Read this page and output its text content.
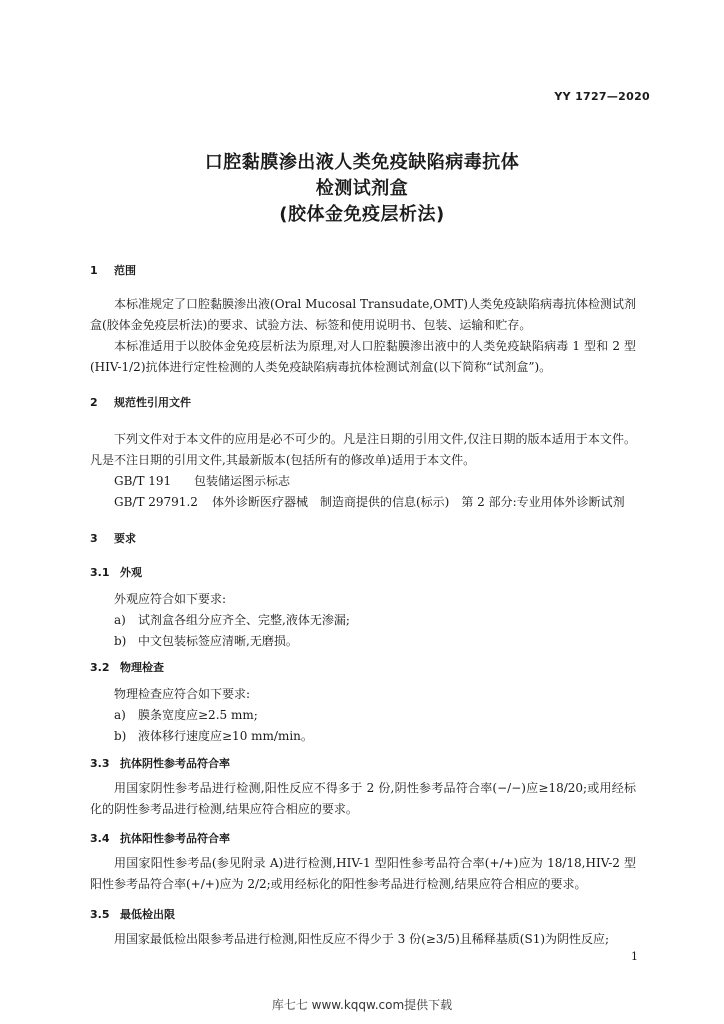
YY 1727—2020
口腔黏膜渗出液人类免疫缺陷病毒抗体
检测试剂盒
(胶体金免疫层析法)
1 范围
本标准规定了口腔黏膜渗出液(Oral Mucosal Transudate,OMT)人类免疫缺陷病毒抗体检测试剂盒(胶体金免疫层析法)的要求、试验方法、标签和使用说明书、包装、运输和贮存。
本标准适用于以胶体金免疫层析法为原理,对人口腔黏膜渗出液中的人类免疫缺陷病毒 1 型和 2 型(HIV-1/2)抗体进行定性检测的人类免疫缺陷病毒抗体检测试剂盒(以下简称“试剂盒”)。
2 规范性引用文件
下列文件对于本文件的应用是必不可少的。凡是注日期的引用文件,仅注日期的版本适用于本文件。凡是不注日期的引用文件,其最新版本(包括所有的修改单)适用于本文件。
GB/T 191 包装储运图示标志
GB/T 29791.2 体外诊断医疗器械　制造商提供的信息(标示)　第 2 部分:专业用体外诊断试剂
3 要求
3.1 外观
外观应符合如下要求:
a) 试剂盒各组分应齐全、完整,液体无渗漏;
b) 中文包装标签应清晰,无磨损。
3.2 物理检查
物理检查应符合如下要求:
a) 膜条宽度应≥2.5 mm;
b) 液体移行速度应≥10 mm/min。
3.3 抗体阴性参考品符合率
用国家阴性参考品进行检测,阳性反应不得多于 2 份,阴性参考品符合率(−/−)应≥18/20;或用经标化的阴性参考品进行检测,结果应符合相应的要求。
3.4 抗体阳性参考品符合率
用国家阳性参考品(参见附录 A)进行检测,HIV-1 型阳性参考品符合率(+/+)应为 18/18,HIV-2 型阳性参考品符合率(+/+)应为 2/2;或用经标化的阳性参考品进行检测,结果应符合相应的要求。
3.5 最低检出限
用国家最低检出限参考品进行检测,阳性反应不得少于 3 份(≥3/5)且稀释基质(S1)为阴性反应;
1
库七七 www.kqqw.com提供下载
